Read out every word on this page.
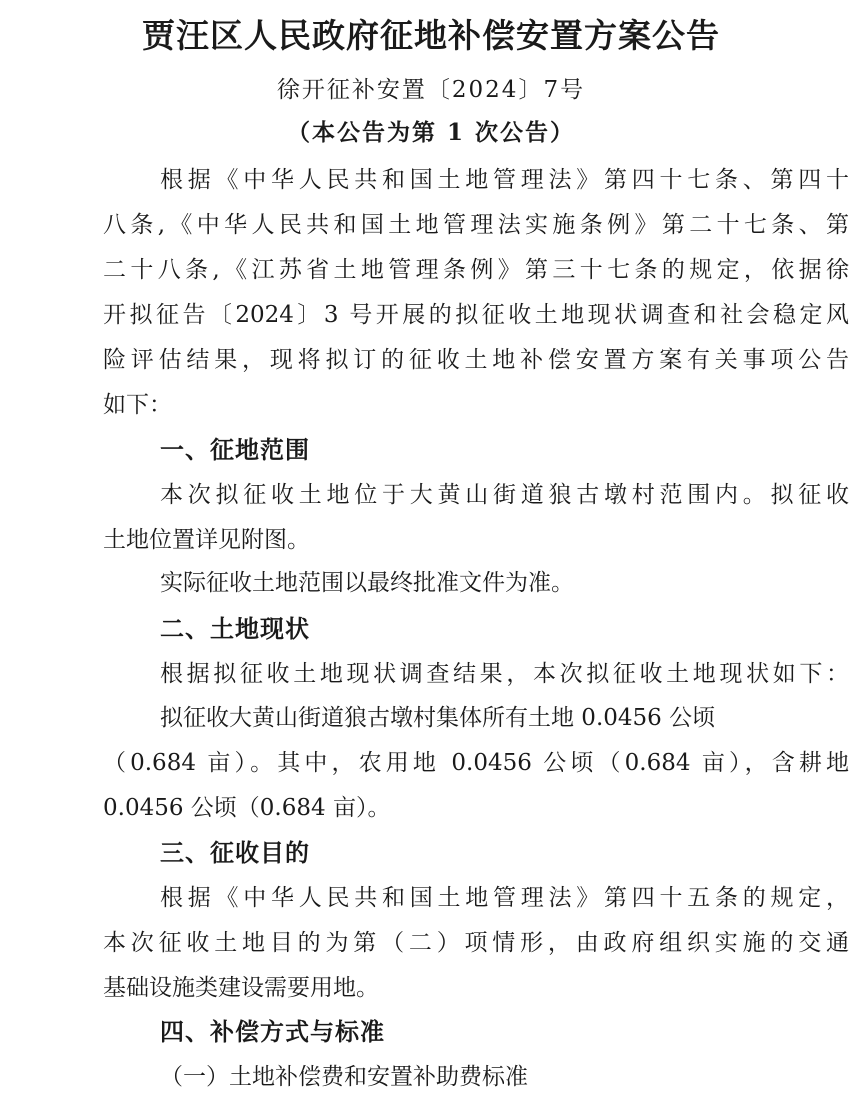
贾汪区人民政府征地补偿安置方案公告
徐开征补安置〔2024〕7号
（本公告为第 1 次公告）
根据《中华人民共和国土地管理法》第四十七条、第四十
八条,《中华人民共和国土地管理法实施条例》第二十七条、第
二十八条,《江苏省土地管理条例》第三十七条的规定，依据徐
开拟征告〔2024〕3 号开展的拟征收土地现状调查和社会稳定风
险评估结果，现将拟订的征收土地补偿安置方案有关事项公告
如下：
一、征地范围
本次拟征收土地位于大黄山街道狼古墩村范围内。拟征收
土地位置详见附图。
实际征收土地范围以最终批准文件为准。
二、土地现状
根据拟征收土地现状调查结果，本次拟征收土地现状如下：
拟征收大黄山街道狼古墩村集体所有土地 0.0456 公顷
（0.684 亩）。其中，农用地 0.0456 公顷（0.684 亩），含耕地
0.0456 公顷（0.684 亩）。
三、征收目的
根据《中华人民共和国土地管理法》第四十五条的规定，
本次征收土地目的为第（二）项情形，由政府组织实施的交通
基础设施类建设需要用地。
四、补偿方式与标准
（一）土地补偿费和安置补助费标准
